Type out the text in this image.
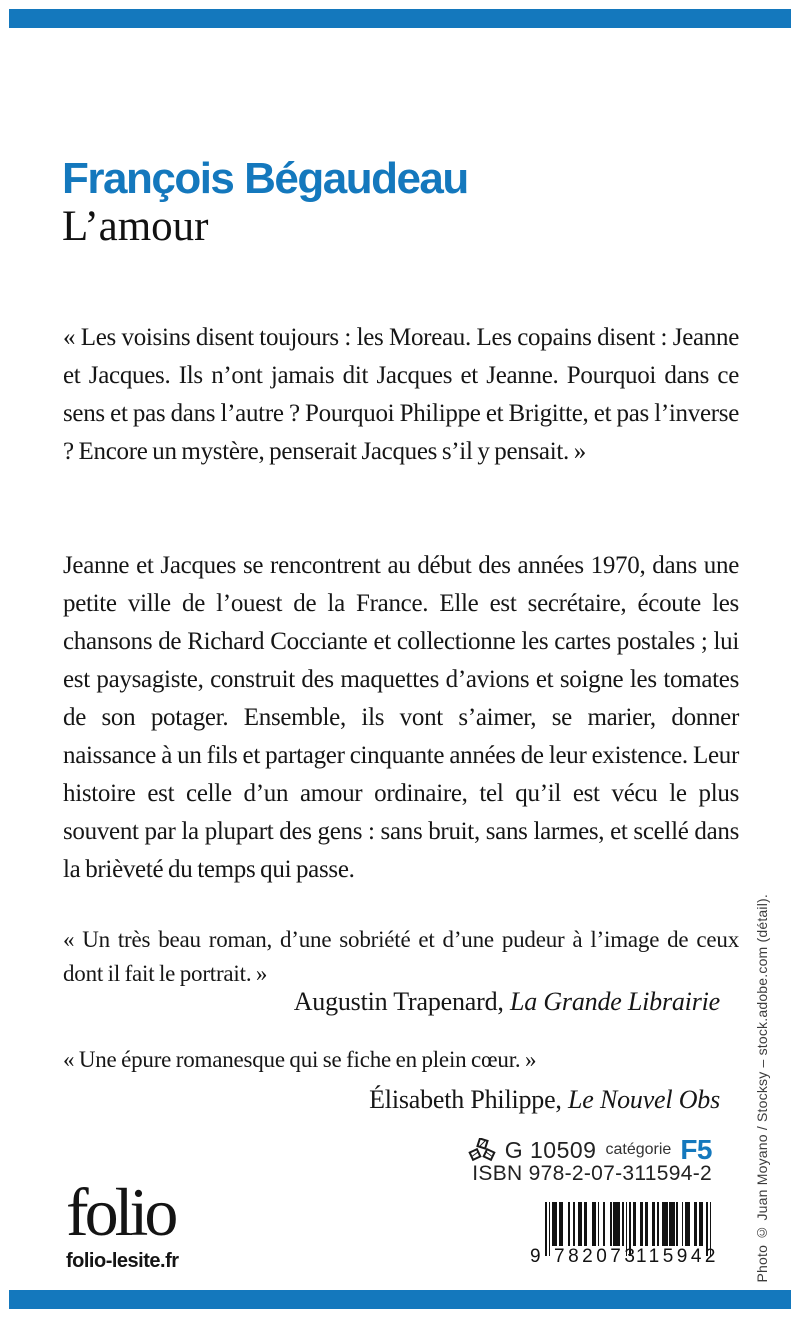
François Bégaudeau
L’amour

« Les voisins disent toujours : les Moreau. Les copains disent : Jeanne et Jacques. Ils n’ont jamais dit Jacques et Jeanne. Pourquoi dans ce sens et pas dans l’autre ? Pourquoi Philippe et Brigitte, et pas l’inverse ? Encore un mystère, penserait Jacques s’il y pensait. »

Jeanne et Jacques se rencontrent au début des années 1970, dans une petite ville de l’ouest de la France. Elle est secrétaire, écoute les chansons de Richard Cocciante et collectionne les cartes postales ; lui est paysagiste, construit des maquettes d’avions et soigne les tomates de son potager. Ensemble, ils vont s’aimer, se marier, donner naissance à un fils et partager cinquante années de leur existence. Leur histoire est celle d’un amour ordinaire, tel qu’il est vécu le plus souvent par la plupart des gens : sans bruit, sans larmes, et scellé dans la brièveté du temps qui passe.

« Un très beau roman, d’une sobriété et d’une pudeur à l’image de ceux dont il fait le portrait. »

Augustin Trapenard, La Grande Librairie

« Une épure romanesque qui se fiche en plein cœur. »

Élisabeth Philippe, Le Nouvel Obs

G 10509 catégorie F5
ISBN 978-2-07-311594-2
9 782073
115942
folio
folio-lesite.fr	Photo © Juan Moyano / Stocksy – stock.adobe.com (détail).
